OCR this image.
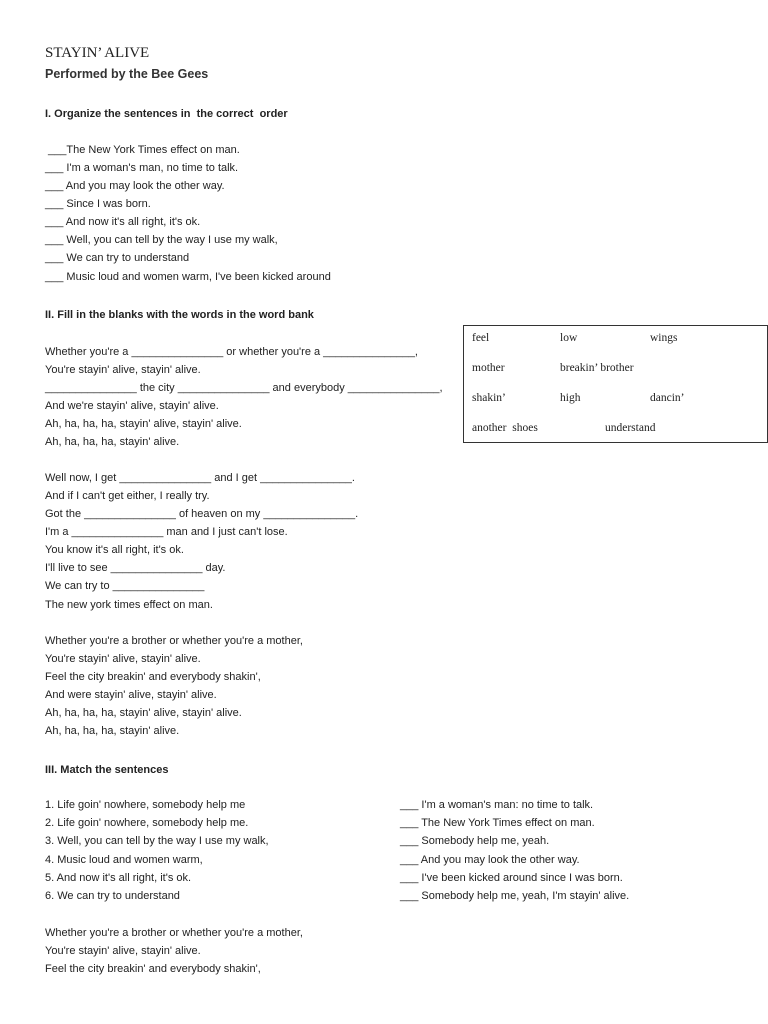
STAYIN’ ALIVE
Performed by the Bee Gees
I. Organize the sentences in  the correct  order
___The New York Times effect on man.
___ I'm a woman's man, no time to talk.
___ And you may look the other way.
___ Since I was born.
___ And now it's all right, it's ok.
___ Well, you can tell by the way I use my walk,
___ We can try to understand
___ Music loud and women warm, I've been kicked around
II. Fill in the blanks with the words in the word bank
feel	low	wings
mother	breakin’ brother
shakin’	high	dancin’
another  shoes	understand
Whether you're a _______________ or whether you're a _______________,
You're stayin' alive, stayin' alive.
_______________ the city _______________ and everybody _______________,
And we're stayin' alive, stayin' alive.
Ah, ha, ha, ha, stayin' alive, stayin' alive.
Ah, ha, ha, ha, stayin' alive.
Well now, I get _______________ and I get _______________.
And if I can't get either, I really try.
Got the _______________ of heaven on my _______________.
I'm a _______________ man and I just can't lose.
You know it's all right, it's ok.
I'll live to see _______________ day.
We can try to _______________
The new york times effect on man.
Whether you're a brother or whether you're a mother,
You're stayin' alive, stayin' alive.
Feel the city breakin' and everybody shakin',
And were stayin' alive, stayin' alive.
Ah, ha, ha, ha, stayin' alive, stayin' alive.
Ah, ha, ha, ha, stayin' alive.
III. Match the sentences
1. Life goin' nowhere, somebody help me
2. Life goin' nowhere, somebody help me.
3. Well, you can tell by the way I use my walk,
4. Music loud and women warm,
5. And now it's all right, it's ok.
6. We can try to understand
___ I'm a woman's man: no time to talk.
___ The New York Times effect on man.
___ Somebody help me, yeah.
___ And you may look the other way.
___ I've been kicked around since I was born.
___ Somebody help me, yeah, I'm stayin' alive.
Whether you're a brother or whether you're a mother,
You're stayin' alive, stayin' alive.
Feel the city breakin' and everybody shakin',
